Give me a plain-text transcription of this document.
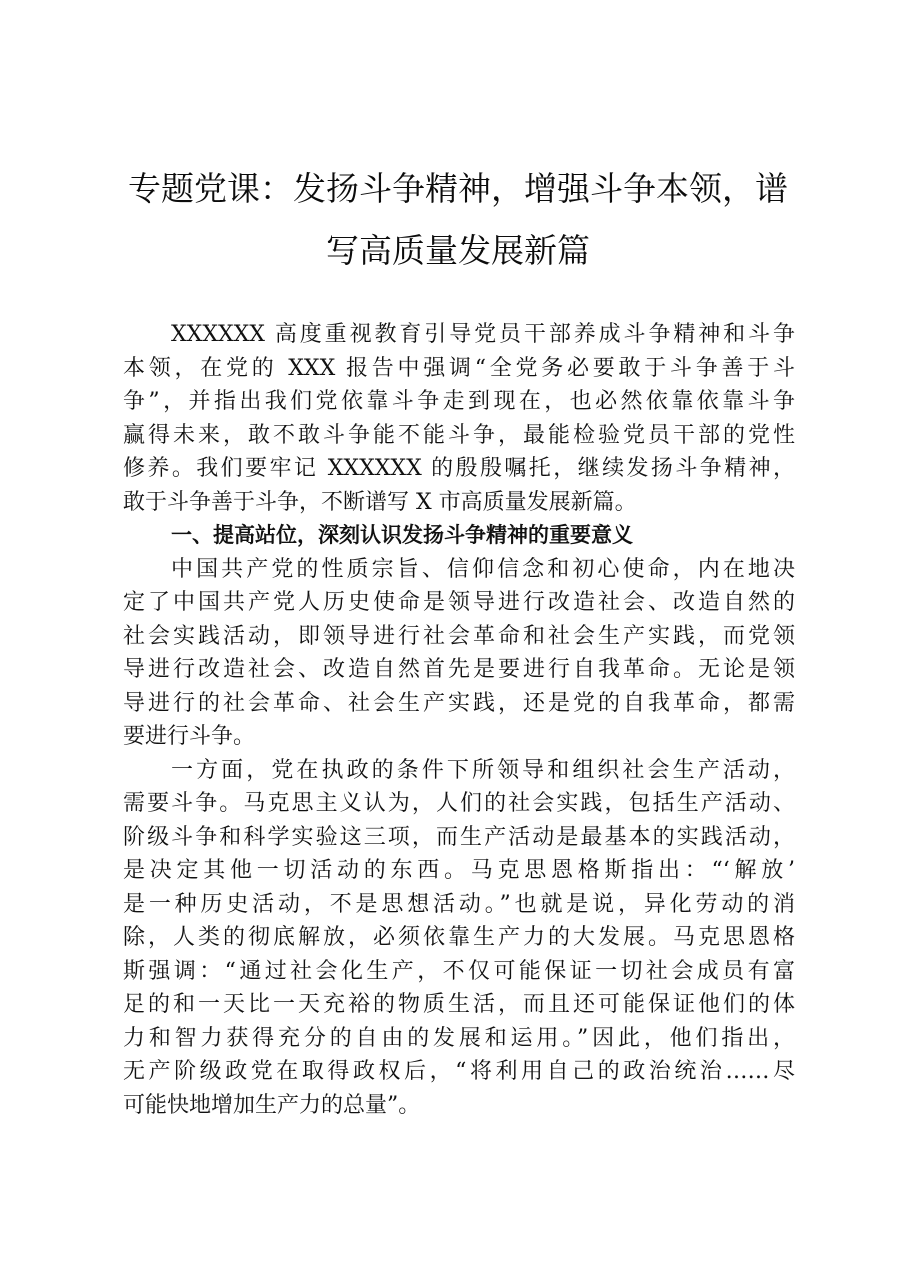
专题党课：发扬斗争精神，增强斗争本领，谱
写高质量发展新篇
XXXXXX 高度重视教育引导党员干部养成斗争精神和斗争
本领，在党的 XXX 报告中强调“全党务必要敢于斗争善于斗
争”，并指出我们党依靠斗争走到现在，也必然依靠依靠斗争
赢得未来，敢不敢斗争能不能斗争，最能检验党员干部的党性
修养。我们要牢记 XXXXXX 的殷殷嘱托，继续发扬斗争精神，
敢于斗争善于斗争，不断谱写 X 市高质量发展新篇。
一、提高站位，深刻认识发扬斗争精神的重要意义
中国共产党的性质宗旨、信仰信念和初心使命，内在地决
定了中国共产党人历史使命是领导进行改造社会、改造自然的
社会实践活动，即领导进行社会革命和社会生产实践，而党领
导进行改造社会、改造自然首先是要进行自我革命。无论是领
导进行的社会革命、社会生产实践，还是党的自我革命，都需
要进行斗争。
一方面，党在执政的条件下所领导和组织社会生产活动，
需要斗争。马克思主义认为，人们的社会实践，包括生产活动、
阶级斗争和科学实验这三项，而生产活动是最基本的实践活动，
是决定其他一切活动的东西。马克思恩格斯指出：“‘解放’
是一种历史活动，不是思想活动。”也就是说，异化劳动的消
除，人类的彻底解放，必须依靠生产力的大发展。马克思恩格
斯强调：“通过社会化生产，不仅可能保证一切社会成员有富
足的和一天比一天充裕的物质生活，而且还可能保证他们的体
力和智力获得充分的自由的发展和运用。”因此，他们指出，
无产阶级政党在取得政权后，“将利用自己的政治统治……尽
可能快地增加生产力的总量”。
